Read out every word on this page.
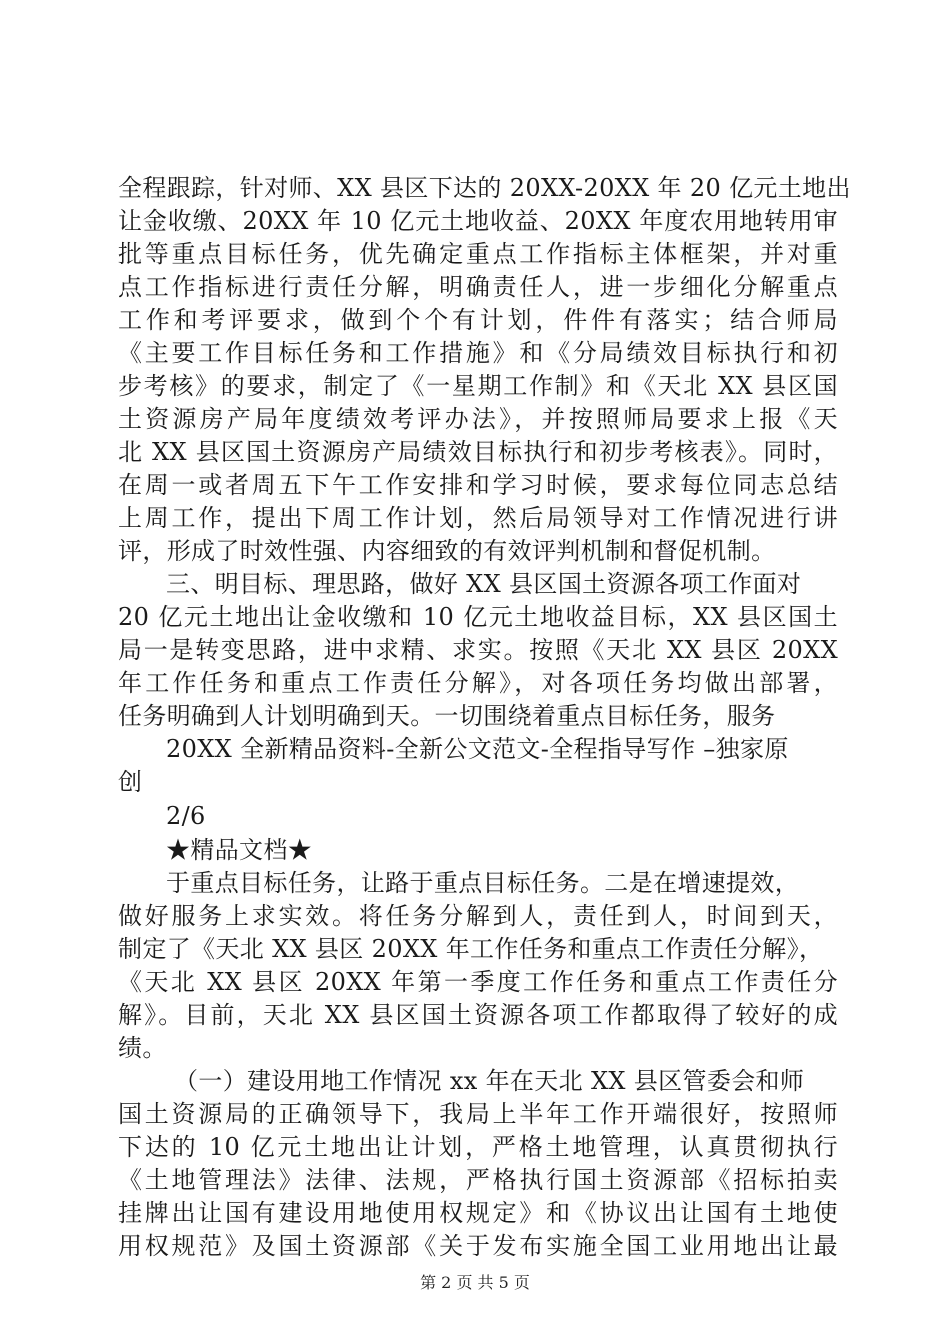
全程跟踪，针对师、XX 县区下达的 20XX-20XX 年 20 亿元土地出
让金收缴、20XX 年 10 亿元土地收益、20XX 年度农用地转用审
批等重点目标任务，优先确定重点工作指标主体框架，并对重
点工作指标进行责任分解，明确责任人，进一步细化分解重点
工作和考评要求，做到个个有计划，件件有落实；结合师局
《主要工作目标任务和工作措施》和《分局绩效目标执行和初
步考核》的要求，制定了《一星期工作制》和《天北 XX 县区国
土资源房产局年度绩效考评办法》，并按照师局要求上报《天
北 XX 县区国土资源房产局绩效目标执行和初步考核表》。同时，
在周一或者周五下午工作安排和学习时候，要求每位同志总结
上周工作，提出下周工作计划，然后局领导对工作情况进行讲
评，形成了时效性强、内容细致的有效评判机制和督促机制。
三、明目标、理思路，做好 XX 县区国土资源各项工作面对
20 亿元土地出让金收缴和 10 亿元土地收益目标，XX 县区国土
局一是转变思路，进中求精、求实。按照《天北 XX 县区 20XX
年工作任务和重点工作责任分解》，对各项任务均做出部署，
任务明确到人计划明确到天。一切围绕着重点目标任务，服务
20XX 全新精品资料-全新公文范文-全程指导写作 –独家原
创
2/6
★精品文档★
于重点目标任务，让路于重点目标任务。二是在增速提效，
做好服务上求实效。将任务分解到人，责任到人，时间到天，
制定了《天北 XX 县区 20XX 年工作任务和重点工作责任分解》，
《天北 XX 县区 20XX 年第一季度工作任务和重点工作责任分
解》。目前，天北 XX 县区国土资源各项工作都取得了较好的成
绩。
（一）建设用地工作情况 xx 年在天北 XX 县区管委会和师
国土资源局的正确领导下，我局上半年工作开端很好，按照师
下达的 10 亿元土地出让计划，严格土地管理，认真贯彻执行
《土地管理法》法律、法规，严格执行国土资源部《招标拍卖
挂牌出让国有建设用地使用权规定》和《协议出让国有土地使
用权规范》及国土资源部《关于发布实施全国工业用地出让最
第 2 页 共 5 页
